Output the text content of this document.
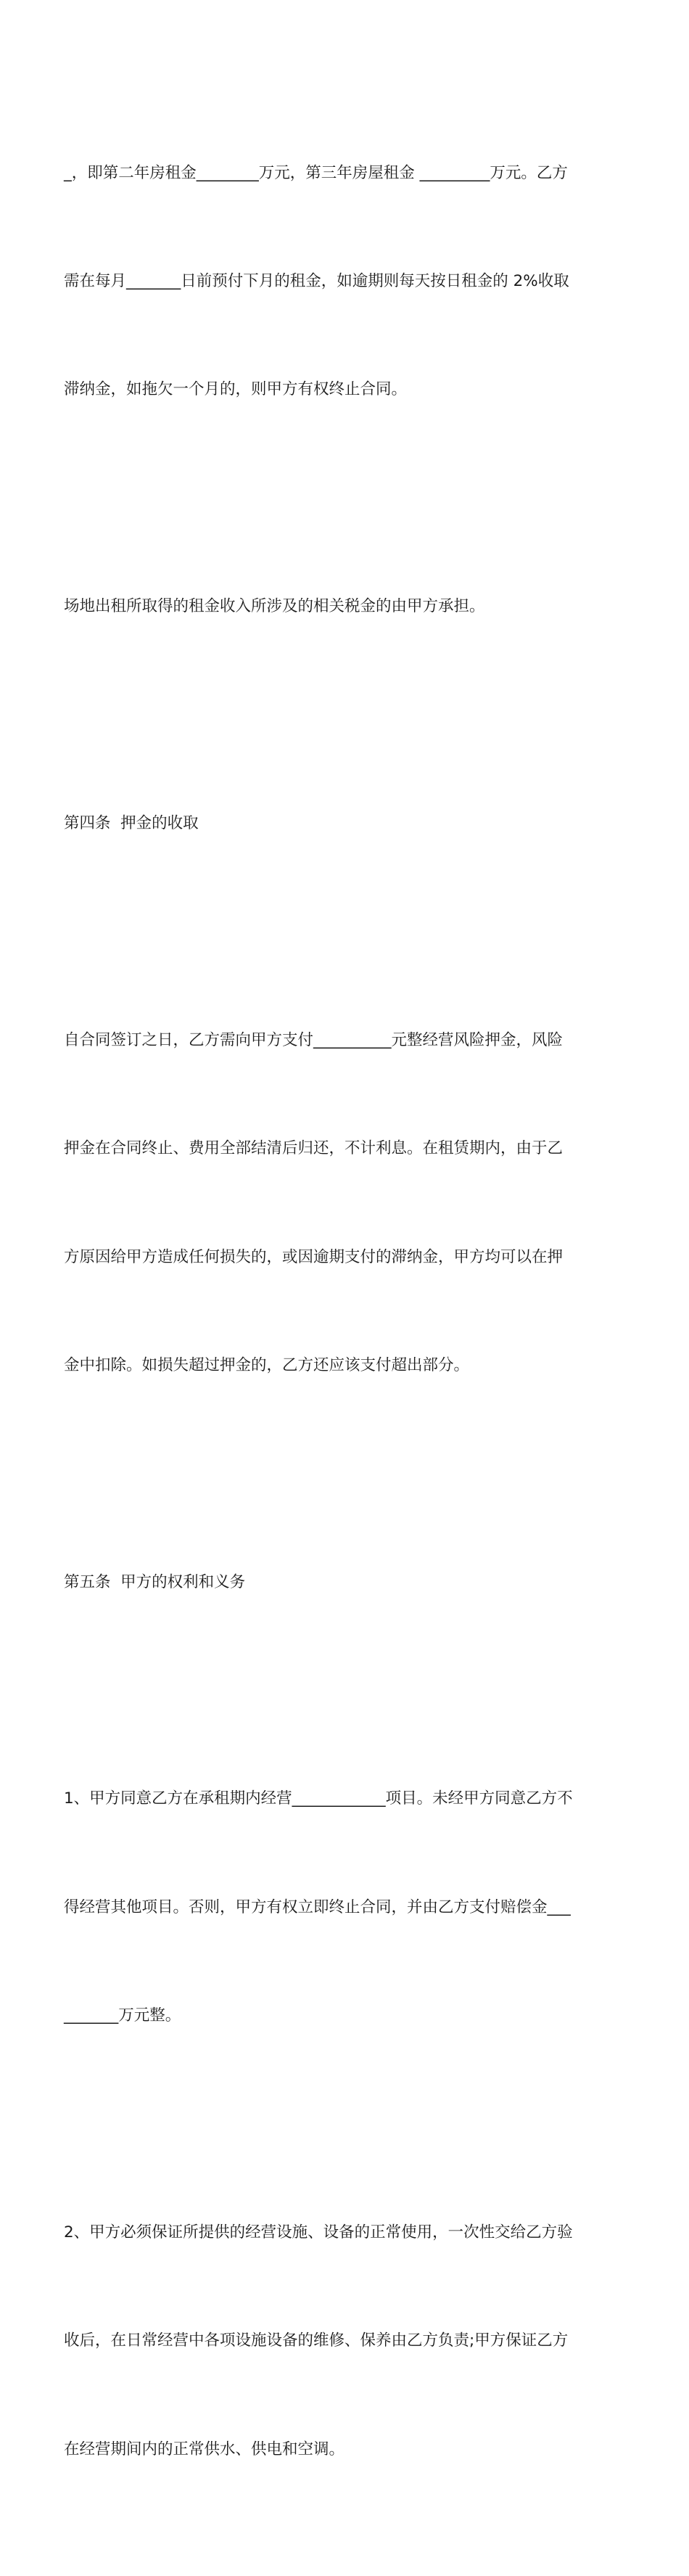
_，即第二年房租金________万元，第三年房屋租金 _________万元。乙方

需在每月_______日前预付下月的租金，如逾期则每天按日租金的 2%收取

滞纳金，如拖欠一个月的，则甲方有权终止合同。

场地出租所取得的租金收入所涉及的相关税金的由甲方承担。

第四条  押金的收取

自合同签订之日，乙方需向甲方支付__________元整经营风险押金，风险

押金在合同终止、费用全部结清后归还，不计利息。在租赁期内，由于乙

方原因给甲方造成任何损失的，或因逾期支付的滞纳金，甲方均可以在押

金中扣除。如损失超过押金的，乙方还应该支付超出部分。

第五条  甲方的权利和义务

1、甲方同意乙方在承租期内经营____________项目。未经甲方同意乙方不

得经营其他项目。否则，甲方有权立即终止合同，并由乙方支付赔偿金___

_______万元整。

2、甲方必须保证所提供的经营设施、设备的正常使用，一次性交给乙方验

收后，在日常经营中各项设施设备的维修、保养由乙方负责;甲方保证乙方

在经营期间内的正常供水、供电和空调。
